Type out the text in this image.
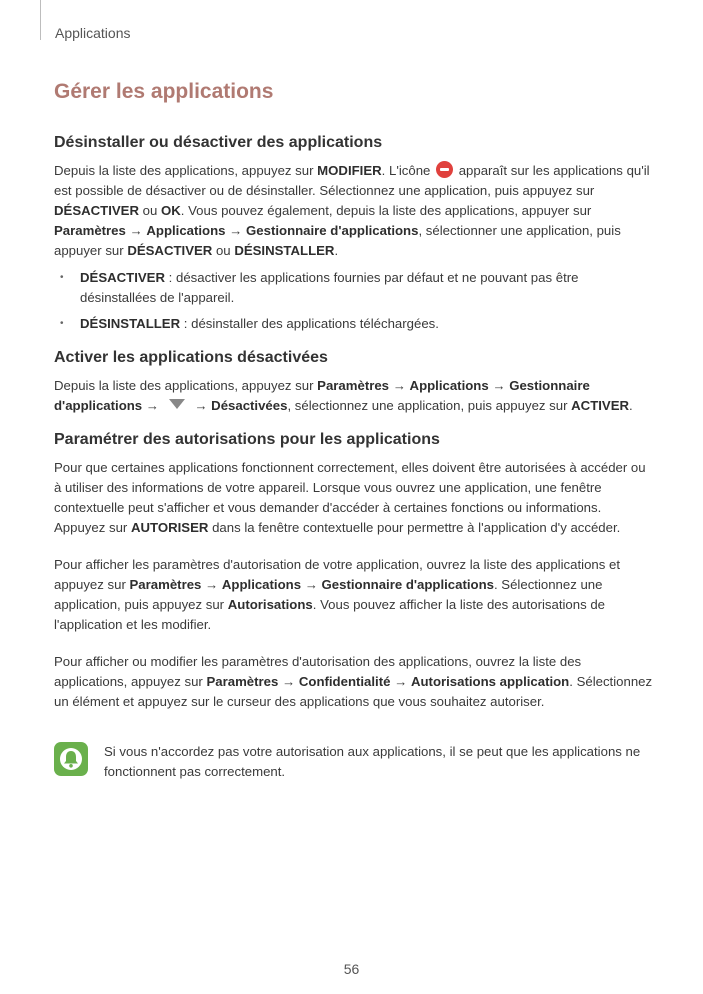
Applications
Gérer les applications
Désinstaller ou désactiver des applications

Depuis la liste des applications, appuyez sur MODIFIER. L'icône  apparaît sur les applications qu'il est possible de désactiver ou de désinstaller. Sélectionnez une application, puis appuyez sur DÉSACTIVER ou OK. Vous pouvez également, depuis la liste des applications, appuyer sur Paramètres → Applications → Gestionnaire d'applications, sélectionner une application, puis appuyer sur DÉSACTIVER ou DÉSINSTALLER.

• DÉSACTIVER : désactiver les applications fournies par défaut et ne pouvant pas être désinstallées de l'appareil.
• DÉSINSTALLER : désinstaller des applications téléchargées.
Activer les applications désactivées

Depuis la liste des applications, appuyez sur Paramètres → Applications → Gestionnaire d'applications →  → Désactivées, sélectionnez une application, puis appuyez sur ACTIVER.

Paramétrer des autorisations pour les applications

Pour que certaines applications fonctionnent correctement, elles doivent être autorisées à accéder ou à utiliser des informations de votre appareil. Lorsque vous ouvrez une application, une fenêtre contextuelle peut s'afficher et vous demander d'accéder à certaines fonctions ou informations. Appuyez sur AUTORISER dans la fenêtre contextuelle pour permettre à l'application d'y accéder.

Pour afficher les paramètres d'autorisation de votre application, ouvrez la liste des applications et appuyez sur Paramètres → Applications → Gestionnaire d'applications. Sélectionnez une application, puis appuyez sur Autorisations. Vous pouvez afficher la liste des autorisations de l'application et les modifier.

Pour afficher ou modifier les paramètres d'autorisation des applications, ouvrez la liste des applications, appuyez sur Paramètres → Confidentialité → Autorisations application. Sélectionnez un élément et appuyez sur le curseur des applications que vous souhaitez autoriser.

Si vous n'accordez pas votre autorisation aux applications, il se peut que les applications ne fonctionnent pas correctement.

56
